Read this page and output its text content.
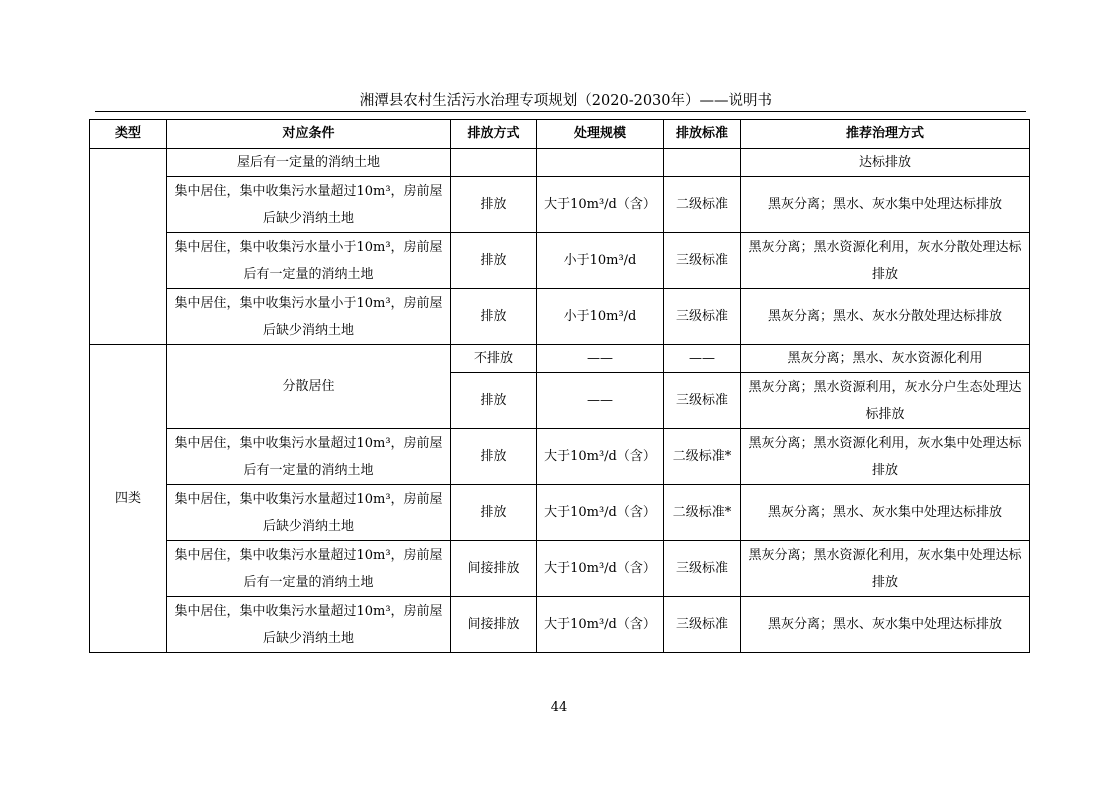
湘潭县农村生活污水治理专项规划（2020-2030年）——说明书
类型	对应条件	排放方式	处理规模	排放标准	推荐治理方式
	屋后有一定量的消纳土地				达标排放
	集中居住，集中收集污水量超过10m³，房前屋后缺少消纳土地	排放	大于10m³/d（含）	二级标准	黑灰分离；黑水、灰水集中处理达标排放
	集中居住，集中收集污水量小于10m³，房前屋后有一定量的消纳土地	排放	小于10m³/d	三级标准	黑灰分离；黑水资源化利用，灰水分散处理达标排放
	集中居住，集中收集污水量小于10m³，房前屋后缺少消纳土地	排放	小于10m³/d	三级标准	黑灰分离；黑水、灰水分散处理达标排放
四类	分散居住	不排放	——	——	黑灰分离；黑水、灰水资源化利用
		排放	——	三级标准	黑灰分离；黑水资源利用，灰水分户生态处理达标排放
	集中居住，集中收集污水量超过10m³，房前屋后有一定量的消纳土地	排放	大于10m³/d（含）	二级标准*	黑灰分离；黑水资源化利用，灰水集中处理达标排放
	集中居住，集中收集污水量超过10m³，房前屋后缺少消纳土地	排放	大于10m³/d（含）	二级标准*	黑灰分离；黑水、灰水集中处理达标排放
	集中居住，集中收集污水量超过10m³，房前屋后有一定量的消纳土地	间接排放	大于10m³/d（含）	三级标准	黑灰分离；黑水资源化利用，灰水集中处理达标排放
	集中居住，集中收集污水量超过10m³，房前屋后缺少消纳土地	间接排放	大于10m³/d（含）	三级标准	黑灰分离；黑水、灰水集中处理达标排放
44
